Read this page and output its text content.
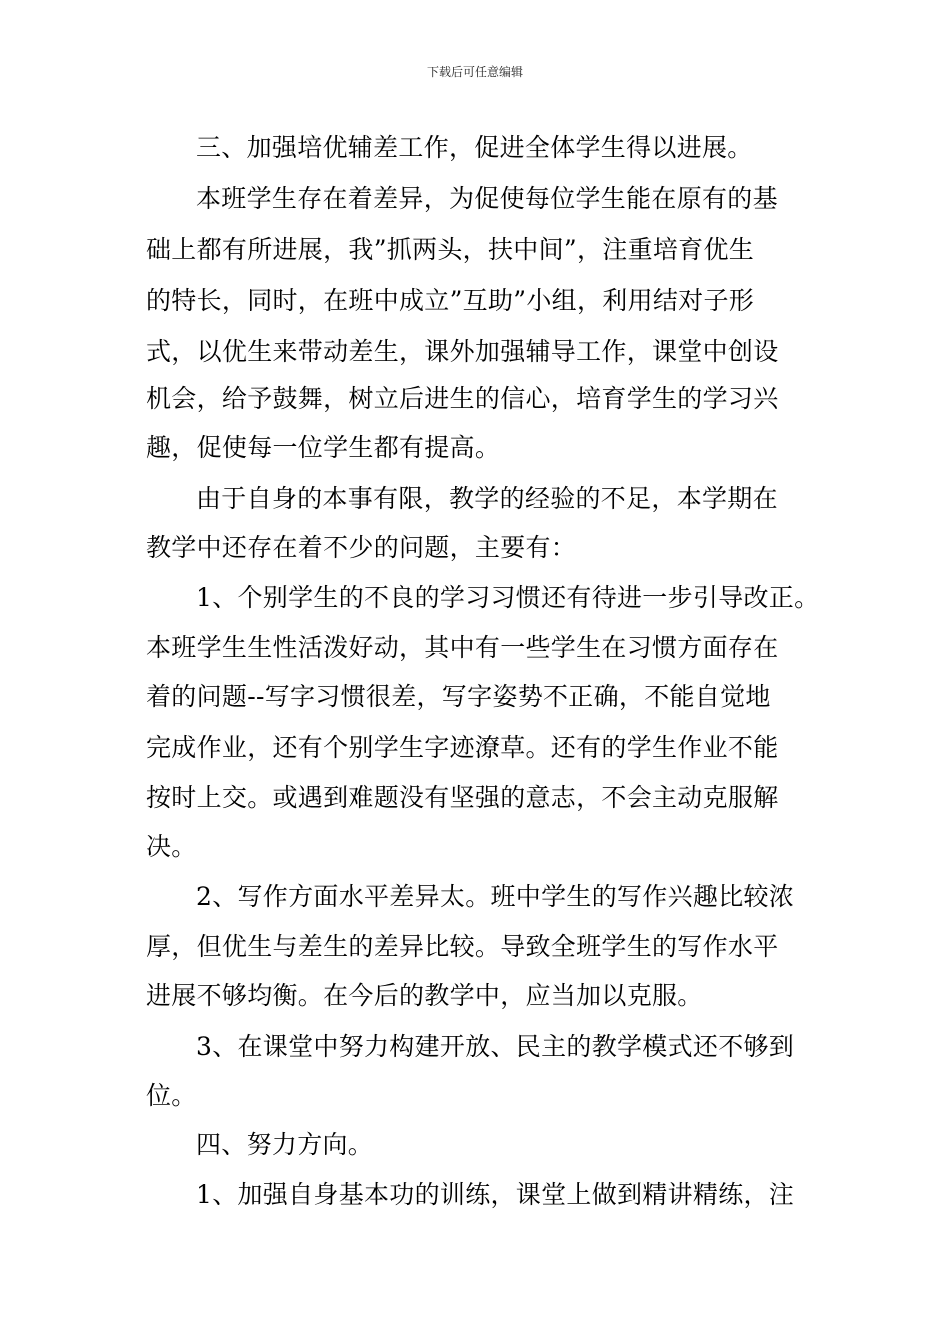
下载后可任意编辑
三、加强培优辅差工作，促进全体学生得以进展。
本班学生存在着差异，为促使每位学生能在原有的基
础上都有所进展，我”抓两头，扶中间”，注重培育优生
的特长，同时，在班中成立”互助”小组，利用结对子形
式，以优生来带动差生，课外加强辅导工作，课堂中创设
机会，给予鼓舞，树立后进生的信心，培育学生的学习兴
趣，促使每一位学生都有提高。
由于自身的本事有限，教学的经验的不足，本学期在
教学中还存在着不少的问题，主要有：
1、个别学生的不良的学习习惯还有待进一步引导改正。
本班学生生性活泼好动，其中有一些学生在习惯方面存在
着的问题--写字习惯很差，写字姿势不正确，不能自觉地
完成作业，还有个别学生字迹潦草。还有的学生作业不能
按时上交。或遇到难题没有坚强的意志，不会主动克服解
决。
2、写作方面水平差异太。班中学生的写作兴趣比较浓
厚，但优生与差生的差异比较。导致全班学生的写作水平
进展不够均衡。在今后的教学中，应当加以克服。
3、在课堂中努力构建开放、民主的教学模式还不够到
位。
四、努力方向。
1、加强自身基本功的训练，课堂上做到精讲精练，注
